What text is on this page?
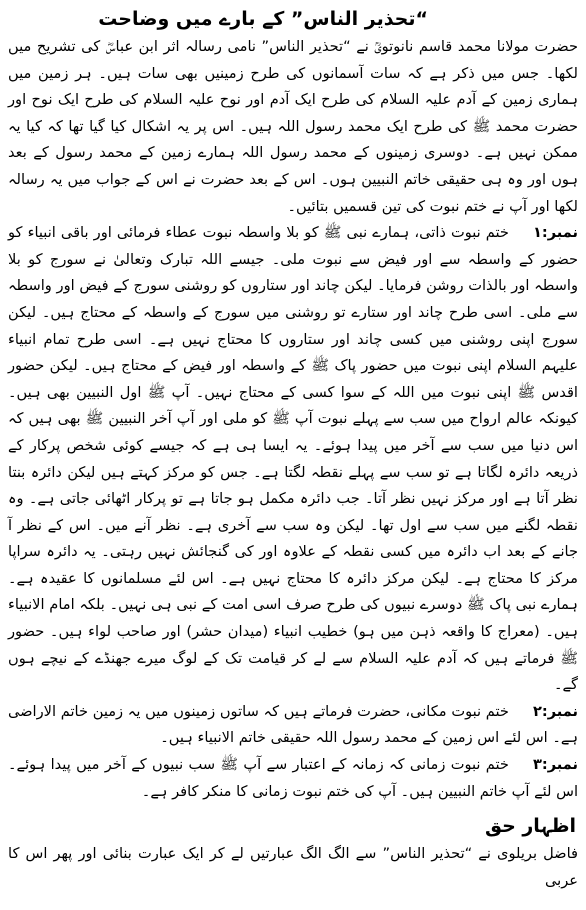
“تحذیر الناس” کے بارے میں وضاحت

حضرت مولانا محمد قاسم نانوتویؒ نے “تحذیر الناس” نامی رسالہ اثر ابن عباسؓ کی تشریح میں لکھا۔ جس میں ذکر ہے کہ سات آسمانوں کی طرح زمینیں بھی سات ہیں۔ ہر زمین میں ہماری زمین کے آدم علیہ السلام کی طرح ایک آدم اور نوح علیہ السلام کی طرح ایک نوح اور حضرت محمد ﷺ کی طرح ایک محمد رسول اللہ ہیں۔ اس پر یہ اشکال کیا گیا تھا کہ کیا یہ ممکن نہیں ہے۔ دوسری زمینوں کے محمد رسول اللہ ہمارے زمین کے محمد رسول کے بعد ہوں اور وہ ہی حقیقی خاتم النبیین ہوں۔ اس کے بعد حضرت نے اس کے جواب میں یہ رسالہ لکھا اور آپ نے ختم نبوت کی تین قسمیں بتائیں۔

نمبر:۱ختم نبوت ذاتی، ہمارے نبی ﷺ کو بلا واسطہ نبوت عطاء فرمائی اور باقی انبیاء کو حضور کے واسطہ سے اور فیض سے نبوت ملی۔ جیسے اللہ تبارک وتعالیٰ نے سورج کو بلا واسطہ اور بالذات روشن فرمایا۔ لیکن چاند اور ستاروں کو روشنی سورج کے فیض اور واسطہ سے ملی۔ اسی طرح چاند اور ستارے تو روشنی میں سورج کے واسطہ کے محتاج ہیں۔ لیکن سورج اپنی روشنی میں کسی چاند اور ستاروں کا محتاج نہیں ہے۔ اسی طرح تمام انبیاء علیہم السلام اپنی نبوت میں حضور پاک ﷺ کے واسطہ اور فیض کے محتاج ہیں۔ لیکن حضور اقدس ﷺ اپنی نبوت میں اللہ کے سوا کسی کے محتاج نہیں۔ آپ ﷺ اول النبیین بھی ہیں۔ کیونکہ عالم ارواح میں سب سے پہلے نبوت آپ ﷺ کو ملی اور آپ آخر النبیین ﷺ بھی ہیں کہ اس دنیا میں سب سے آخر میں پیدا ہوئے۔ یہ ایسا ہی ہے کہ جیسے کوئی شخص پرکار کے ذریعہ دائرہ لگاتا ہے تو سب سے پہلے نقطہ لگتا ہے۔ جس کو مرکز کہتے ہیں لیکن دائرہ بنتا نظر آتا ہے اور مرکز نہیں نظر آتا۔ جب دائرہ مکمل ہو جاتا ہے تو پرکار اٹھائی جاتی ہے۔ وہ نقطہ لگنے میں سب سے اول تھا۔ لیکن وہ سب سے آخری ہے۔ نظر آنے میں۔ اس کے نظر آ جانے کے بعد اب دائرہ میں کسی نقطہ کے علاوہ اور کی گنجائش نہیں رہتی۔ یہ دائرہ سراپا مرکز کا محتاج ہے۔ لیکن مرکز دائرہ کا محتاج نہیں ہے۔ اس لئے مسلمانوں کا عقیدہ ہے۔ ہمارے نبی پاک ﷺ دوسرے نبیوں کی طرح صرف اسی امت کے نبی ہی نہیں۔ بلکہ امام الانبیاء ہیں۔ (معراج کا واقعہ ذہن میں ہو) خطیب انبیاء (میدان حشر) اور صاحب لواء ہیں۔ حضور ﷺ فرماتے ہیں کہ آدم علیہ السلام سے لے کر قیامت تک کے لوگ میرے جھنڈے کے نیچے ہوں گے۔

نمبر:۲ختم نبوت مکانی، حضرت فرماتے ہیں کہ ساتوں زمینوں میں یہ زمین خاتم الاراضی ہے۔ اس لئے اس زمین کے محمد رسول اللہ حقیقی خاتم الانبیاء ہیں۔

نمبر:۳ختم نبوت زمانی کہ زمانہ کے اعتبار سے آپ ﷺ سب نبیوں کے آخر میں پیدا ہوئے۔ اس لئے آپ خاتم النبیین ہیں۔ آپ کی ختم نبوت زمانی کا منکر کافر ہے۔

اظہار حق

فاضل بریلوی نے “تحذیر الناس” سے الگ الگ عبارتیں لے کر ایک عبارت بنائی اور پھر اس کا عربی
